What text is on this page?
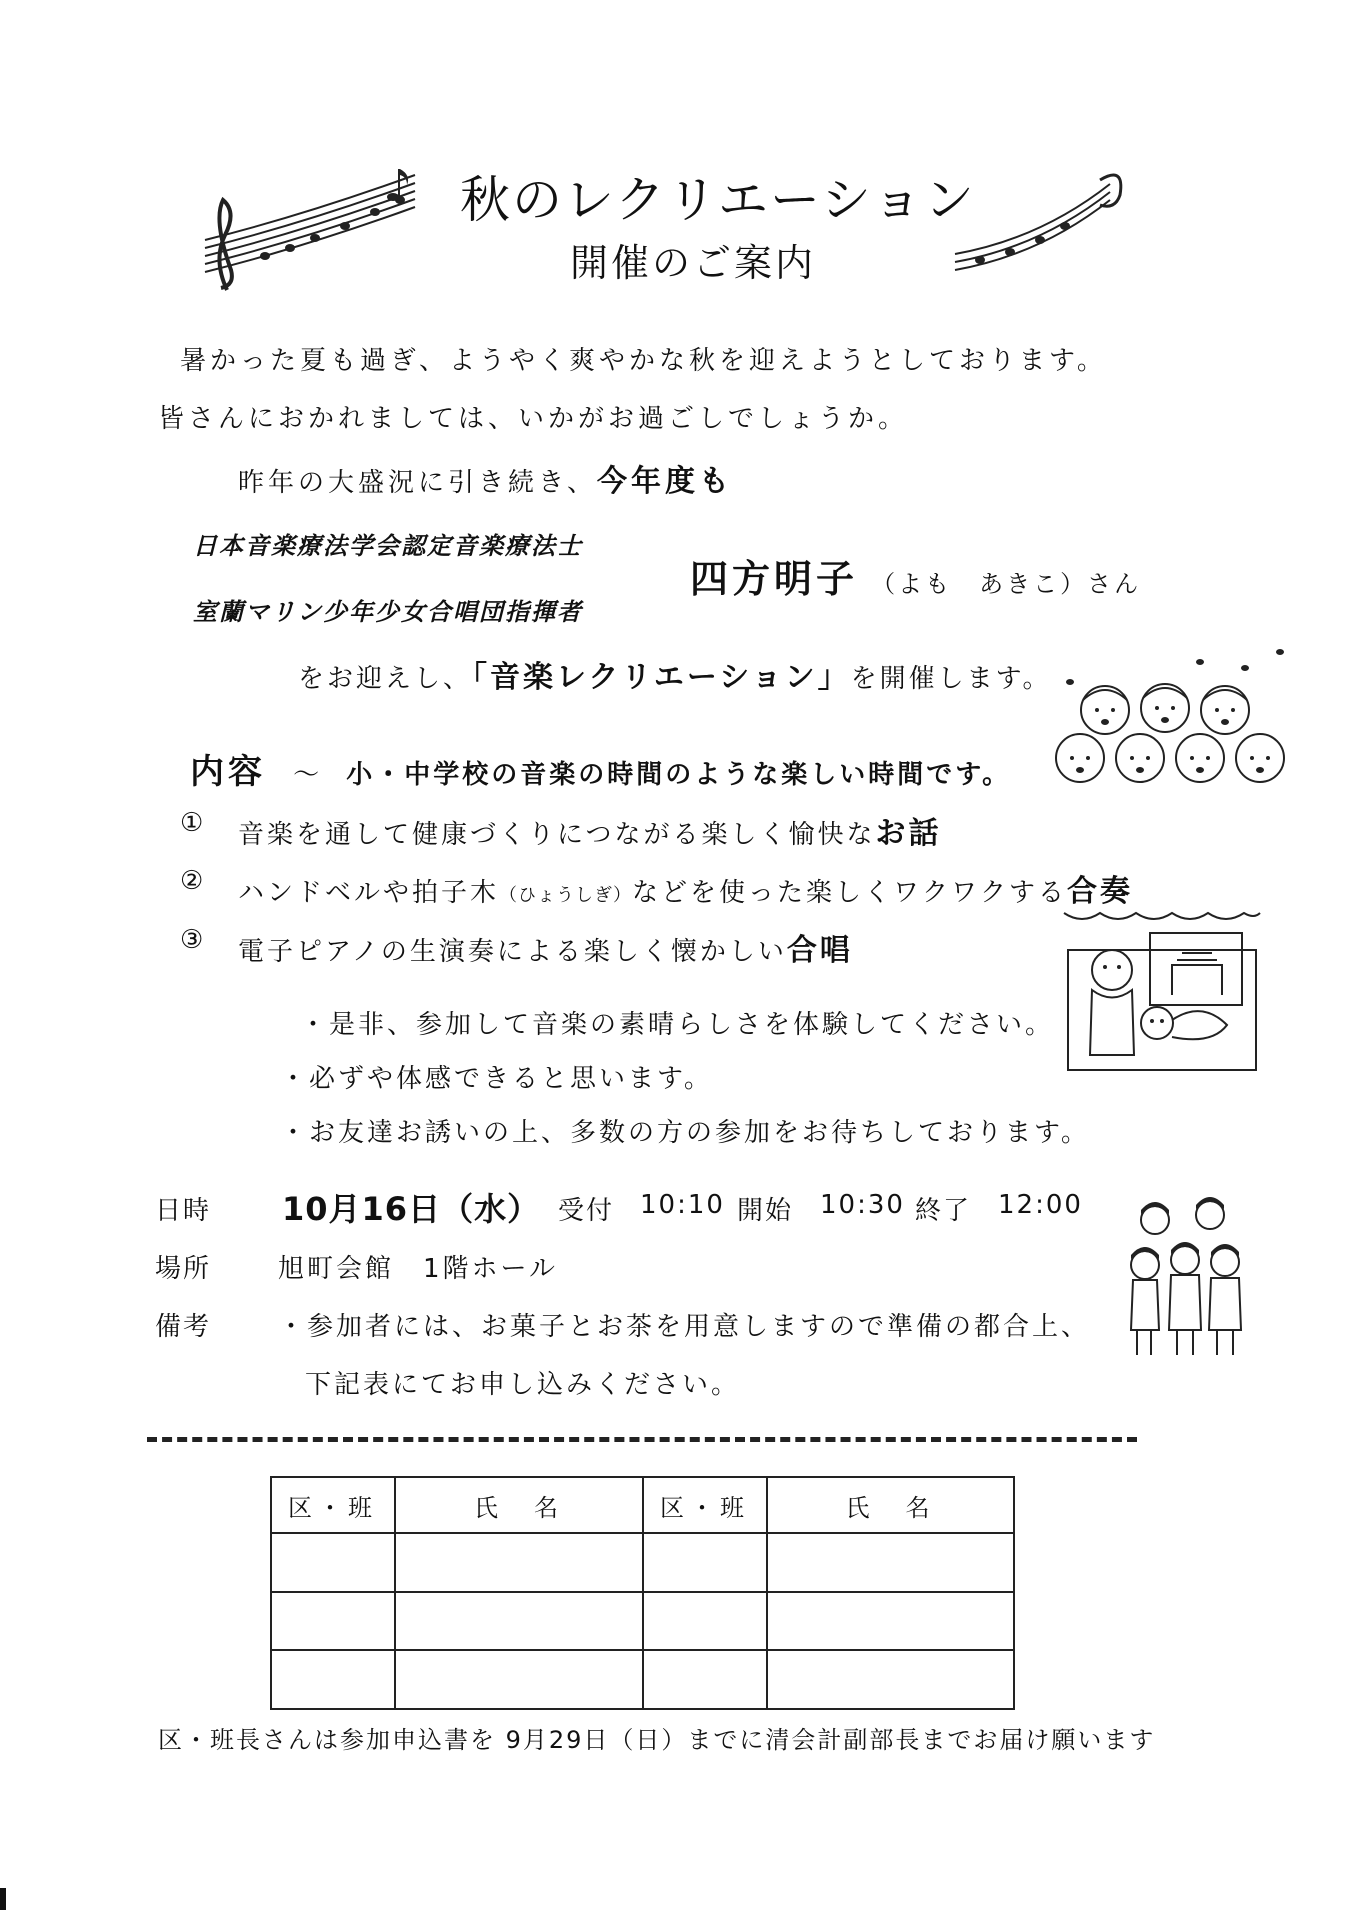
秋のレクリエーション
開催のご案内
暑かった夏も過ぎ、ようやく爽やかな秋を迎えようとしております。
皆さんにおかれましては、いかがお過ごしでしょうか。
昨年の大盛況に引き続き、今年度も
日本音楽療法学会認定音楽療法士
室蘭マリン少年少女合唱団指揮者
四方明子 （よも　あきこ）さん
をお迎えし、「音楽レクリエーション」を開催します。
内容 ～ 小・中学校の音楽の時間のような楽しい時間です。
① 音楽を通して健康づくりにつながる楽しく愉快なお話
② ハンドベルや拍子木（ひょうしぎ）などを使った楽しくワクワクする合奏
③ 電子ピアノの生演奏による楽しく懐かしい合唱
・是非、参加して音楽の素晴らしさを体験してください。
・必ずや体感できると思います。
・お友達お誘いの上、多数の方の参加をお待ちしております。
日時 10月16日（水） 受付 10:10 開始 10:30 終了 12:00
場所	旭町会館　1階ホール
備考	・参加者には、お菓子とお茶を用意しますので準備の都合上、
下記表にてお申し込みください。
区・班	氏　名	区・班	氏　名

区・班長さんは参加申込書を 9月29日（日）までに清会計副部長までお届け願います
